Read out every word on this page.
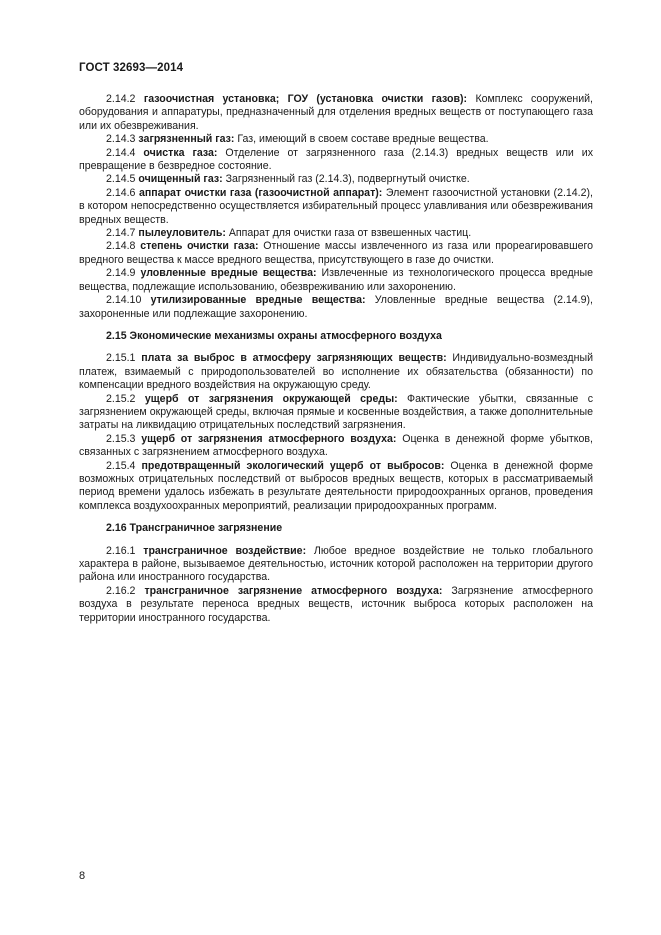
ГОСТ 32693—2014

2.14.2 газоочистная установка; ГОУ (установка очистки газов): Комплекс сооружений, оборудования и аппаратуры, предназначенный для отделения вредных веществ от поступающего газа или их обезвреживания.

2.14.3 загрязненный газ: Газ, имеющий в своем составе вредные вещества.

2.14.4 очистка газа: Отделение от загрязненного газа (2.14.3) вредных веществ или их превращение в безвредное состояние.

2.14.5 очищенный газ: Загрязненный газ (2.14.3), подвергнутый очистке.

2.14.6 аппарат очистки газа (газоочистной аппарат): Элемент газоочистной установки (2.14.2), в котором непосредственно осуществляется избирательный процесс улавливания или обезвреживания вредных веществ.

2.14.7 пылеуловитель: Аппарат для очистки газа от взвешенных частиц.

2.14.8 степень очистки газа: Отношение массы извлеченного из газа или прореагировавшего вредного вещества к массе вредного вещества, присутствующего в газе до очистки.

2.14.9 уловленные вредные вещества: Извлеченные из технологического процесса вредные вещества, подлежащие использованию, обезвреживанию или захоронению.

2.14.10 утилизированные вредные вещества: Уловленные вредные вещества (2.14.9), захороненные или подлежащие захоронению.

2.15 Экономические механизмы охраны атмосферного воздуха

2.15.1 плата за выброс в атмосферу загрязняющих веществ: Индивидуально-возмездный платеж, взимаемый с природопользователей во исполнение их обязательства (обязанности) по компенсации вредного воздействия на окружающую среду.

2.15.2 ущерб от загрязнения окружающей среды: Фактические убытки, связанные с загрязнением окружающей среды, включая прямые и косвенные воздействия, а также дополнительные затраты на ликвидацию отрицательных последствий загрязнения.

2.15.3 ущерб от загрязнения атмосферного воздуха: Оценка в денежной форме убытков, связанных с загрязнением атмосферного воздуха.

2.15.4 предотвращенный экологический ущерб от выбросов: Оценка в денежной форме возможных отрицательных последствий от выбросов вредных веществ, которых в рассматриваемый период времени удалось избежать в результате деятельности природоохранных органов, проведения комплекса воздухоохранных мероприятий, реализации природоохранных программ.

2.16 Трансграничное загрязнение

2.16.1 трансграничное воздействие: Любое вредное воздействие не только глобального характера в районе, вызываемое деятельностью, источник которой расположен на территории другого района или иностранного государства.

2.16.2 трансграничное загрязнение атмосферного воздуха: Загрязнение атмосферного воздуха в результате переноса вредных веществ, источник выброса которых расположен на территории иностранного государства.

8
